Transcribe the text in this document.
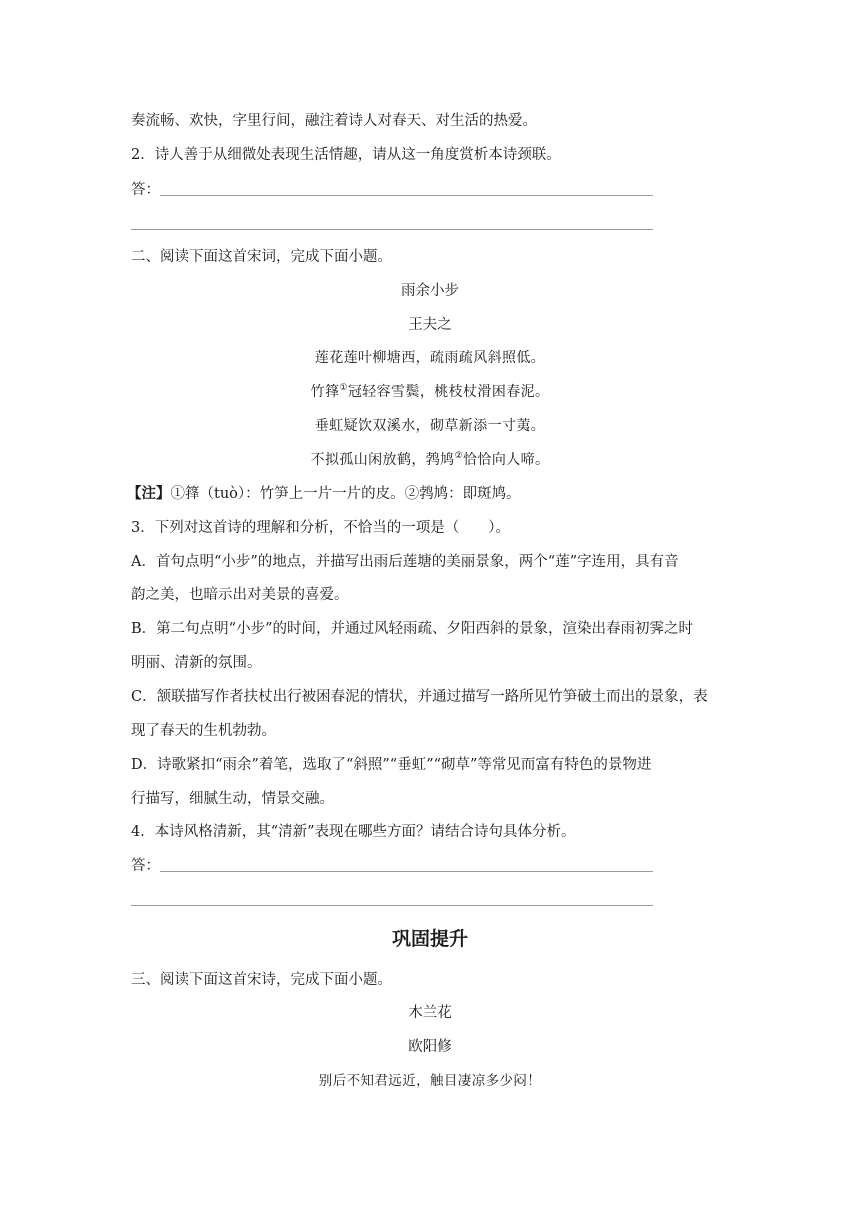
奏流畅、欢快，字里行间，融注着诗人对春天、对生活的热爱。
2．诗人善于从细微处表现生活情趣，请从这一角度赏析本诗颈联。
答：
二、阅读下面这首宋词，完成下面小题。
雨余小步
王夫之
莲花莲叶柳塘西，疏雨疏风斜照低。
竹箨①冠轻容雪鬓，桃枝杖滑困春泥。
垂虹疑饮双溪水，砌草新添一寸荑。
不拟孤山闲放鹤，鹁鸠②恰恰向人啼。
【注】①箨（tuò）：竹笋上一片一片的皮。②鹁鸠：即斑鸠。
3．下列对这首诗的理解和分析，不恰当的一项是（　　）。
A．首句点明“小步”的地点，并描写出雨后莲塘的美丽景象，两个“莲”字连用，具有音
韵之美，也暗示出对美景的喜爱。
B．第二句点明“小步”的时间，并通过风轻雨疏、夕阳西斜的景象，渲染出春雨初霁之时
明丽、清新的氛围。
C．颔联描写作者扶杖出行被困春泥的情状，并通过描写一路所见竹笋破土而出的景象，表
现了春天的生机勃勃。
D．诗歌紧扣“雨余”着笔，选取了“斜照”“垂虹”“砌草”等常见而富有特色的景物进
行描写，细腻生动，情景交融。
4．本诗风格清新，其“清新”表现在哪些方面？请结合诗句具体分析。
答：
巩固提升
三、阅读下面这首宋诗，完成下面小题。
木兰花
欧阳修
别后不知君远近，触目凄凉多少闷！
